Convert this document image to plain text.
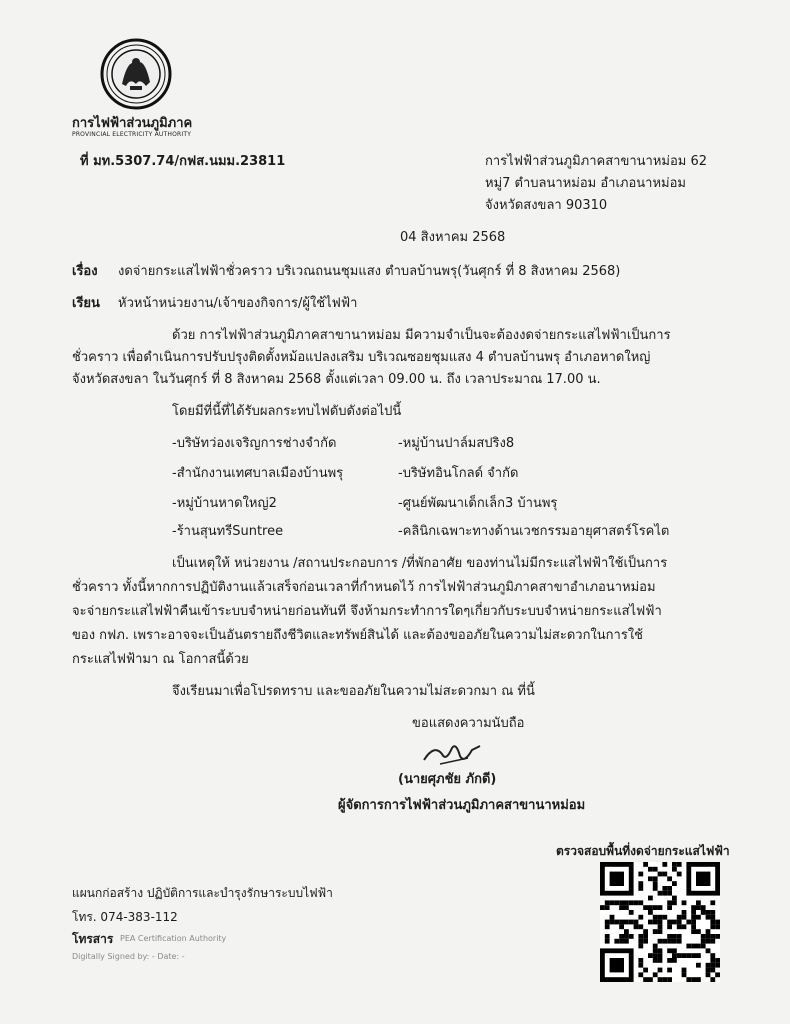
การไฟฟ้าส่วนภูมิภาค
PROVINCIAL ELECTRICITY AUTHORITY
ที่ มท.5307.74/กฟส.นมม.23811	การไฟฟ้าส่วนภูมิภาคสาขานาหม่อม 62
หมู่7 ตำบลนาหม่อม อำเภอนาหม่อม
จังหวัดสงขลา 90310
04 สิงหาคม 2568
เรื่อง งดจ่ายกระแสไฟฟ้าชั่วคราว บริเวณถนนชุมแสง ตำบลบ้านพรุ(วันศุกร์ ที่ 8 สิงหาคม 2568)
เรียน หัวหน้าหน่วยงาน/เจ้าของกิจการ/ผู้ใช้ไฟฟ้า
ด้วย การไฟฟ้าส่วนภูมิภาคสาขานาหม่อม มีความจำเป็นจะต้องงดจ่ายกระแสไฟฟ้าเป็นการ
ชั่วคราว เพื่อดำเนินการปรับปรุงติดตั้งหม้อแปลงเสริม บริเวณซอยชุมแสง 4 ตำบลบ้านพรุ อำเภอหาดใหญ่
จังหวัดสงขลา ในวันศุกร์ ที่ 8 สิงหาคม 2568 ตั้งแต่เวลา 09.00 น. ถึง เวลาประมาณ 17.00 น.
โดยมีที่นี้ที่ได้รับผลกระทบไฟดับดังต่อไปนี้
-บริษัทว่องเจริญการช่างจำกัด	-หมู่บ้านปาล์มสปริง8
-สำนักงานเทศบาลเมืองบ้านพรุ	-บริษัทอินโกลด์ จำกัด
-หมู่บ้านหาดใหญ่2	-ศูนย์พัฒนาเด็กเล็ก3 บ้านพรุ
-ร้านสุนทรีSuntree	-คลินิกเฉพาะทางด้านเวชกรรมอายุศาสตร์โรคไต
เป็นเหตุให้ หน่วยงาน /สถานประกอบการ /ที่พักอาศัย ของท่านไม่มีกระแสไฟฟ้าใช้เป็นการ
ชั่วคราว ทั้งนี้หากการปฏิบัติงานแล้วเสร็จก่อนเวลาที่กำหนดไว้ การไฟฟ้าส่วนภูมิภาคสาขาอำเภอนาหม่อม
จะจ่ายกระแสไฟฟ้าคืนเข้าระบบจำหน่ายก่อนทันที จึงห้ามกระทำการใดๆเกี่ยวกับระบบจำหน่ายกระแสไฟฟ้า
ของ กฟภ. เพราะอาจจะเป็นอันตรายถึงชีวิตและทรัพย์สินได้ และต้องขออภัยในความไม่สะดวกในการใช้
กระแสไฟฟ้ามา ณ โอกาสนี้ด้วย
จึงเรียนมาเพื่อโปรดทราบ และขออภัยในความไม่สะดวกมา ณ ที่นี้
ขอแสดงความนับถือ
(นายศุภชัย ภักดี)
ผู้จัดการการไฟฟ้าส่วนภูมิภาคสาขานาหม่อม
ตรวจสอบพื้นที่งดจ่ายกระแสไฟฟ้า
แผนกก่อสร้าง ปฏิบัติการและบำรุงรักษาระบบไฟฟ้า
โทร. 074-383-112
โทรสาร PEA Certification Authority
Digitally Signed by: - Date: -
